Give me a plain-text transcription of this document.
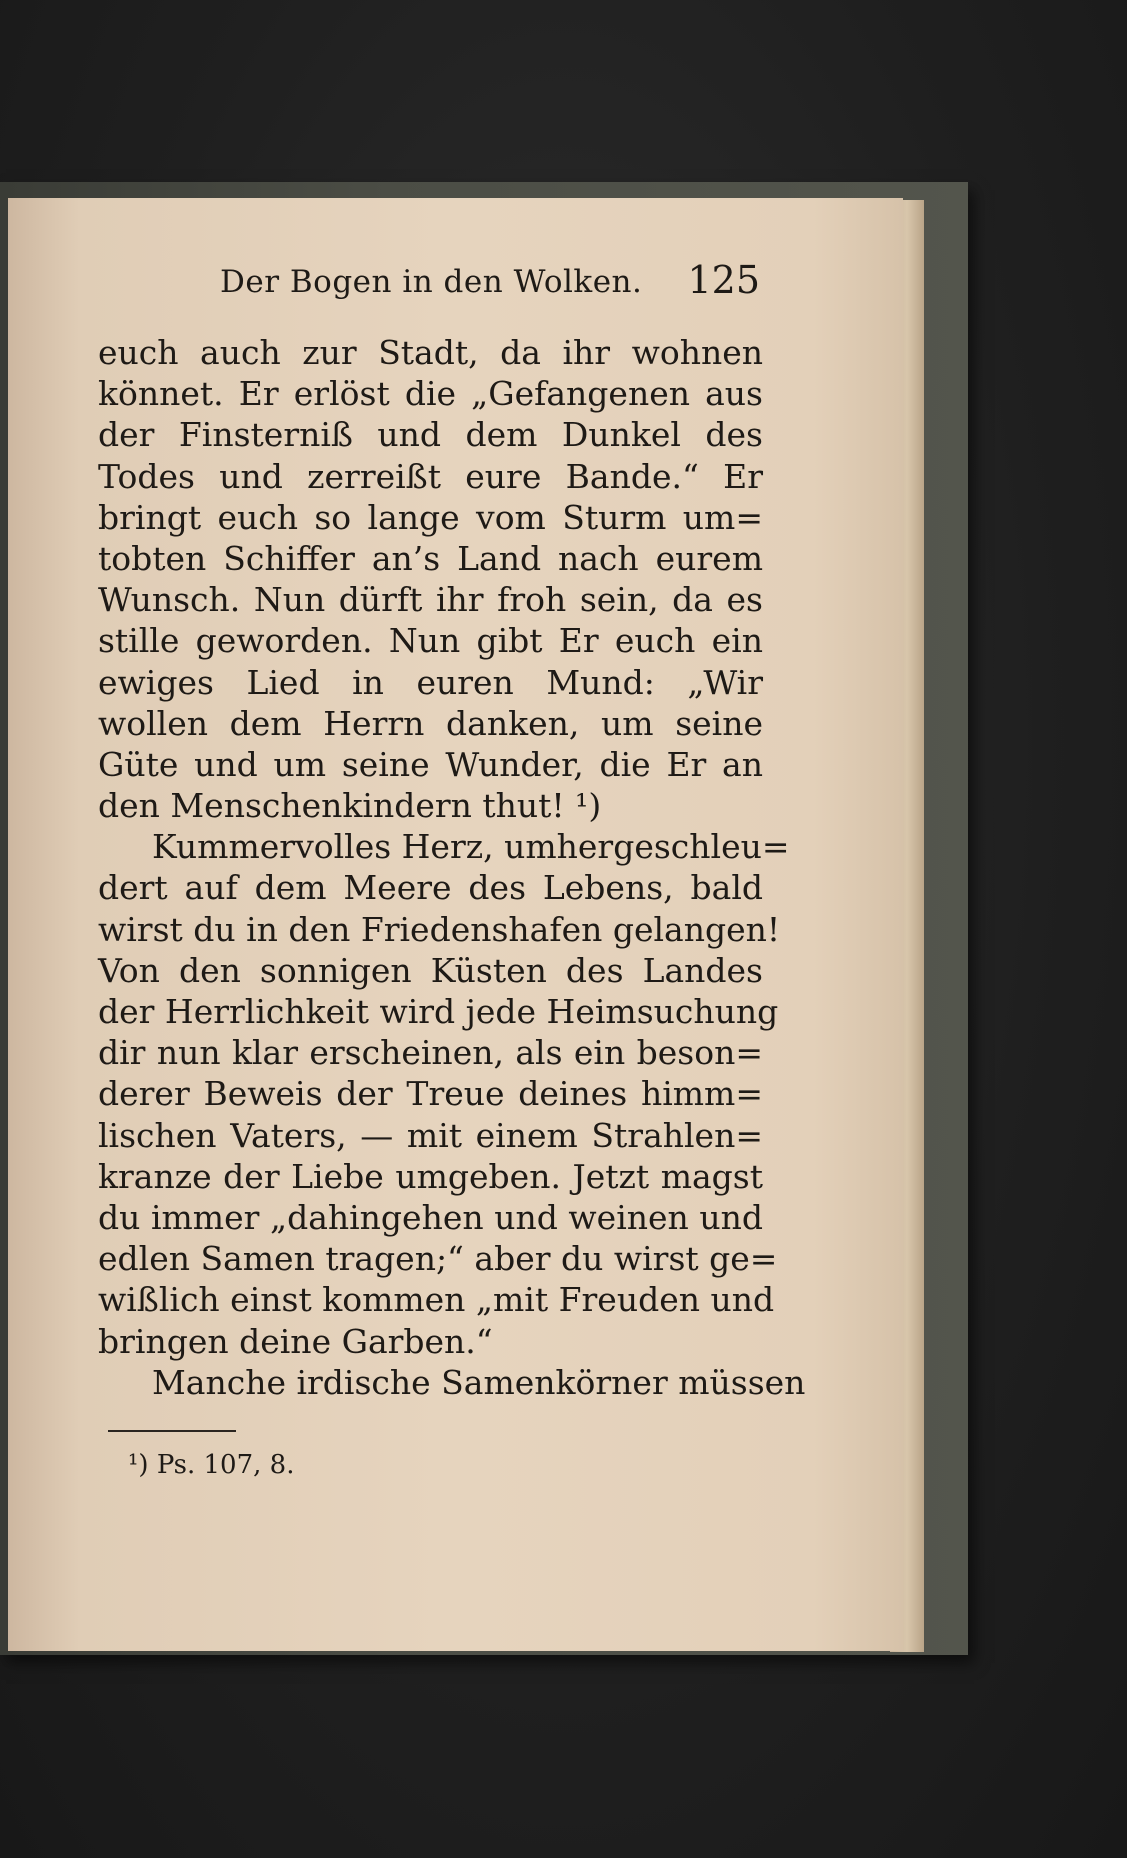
Der Bogen in den Wolken. 125
euch auch zur Stadt, da ihr wohnen
könnet. Er erlöst die „Gefangenen aus
der Finsterniß und dem Dunkel des
Todes und zerreißt eure Bande.“ Er
bringt euch so lange vom Sturm um=
tobten Schiffer an’s Land nach eurem
Wunsch. Nun dürft ihr froh sein, da es
stille geworden. Nun gibt Er euch ein
ewiges Lied in euren Mund: „Wir
wollen dem Herrn danken, um seine
Güte und um seine Wunder, die Er an
den Menschenkindern thut! ¹)
Kummervolles Herz, umhergeschleu=
dert auf dem Meere des Lebens, bald
wirst du in den Friedenshafen gelangen!
Von den sonnigen Küsten des Landes
der Herrlichkeit wird jede Heimsuchung
dir nun klar erscheinen, als ein beson=
derer Beweis der Treue deines himm=
lischen Vaters, — mit einem Strahlen=
kranze der Liebe umgeben. Jetzt magst
du immer „dahingehen und weinen und
edlen Samen tragen;“ aber du wirst ge=
wißlich einst kommen „mit Freuden und
bringen deine Garben.“
Manche irdische Samenkörner müssen
¹) Ps. 107, 8.
